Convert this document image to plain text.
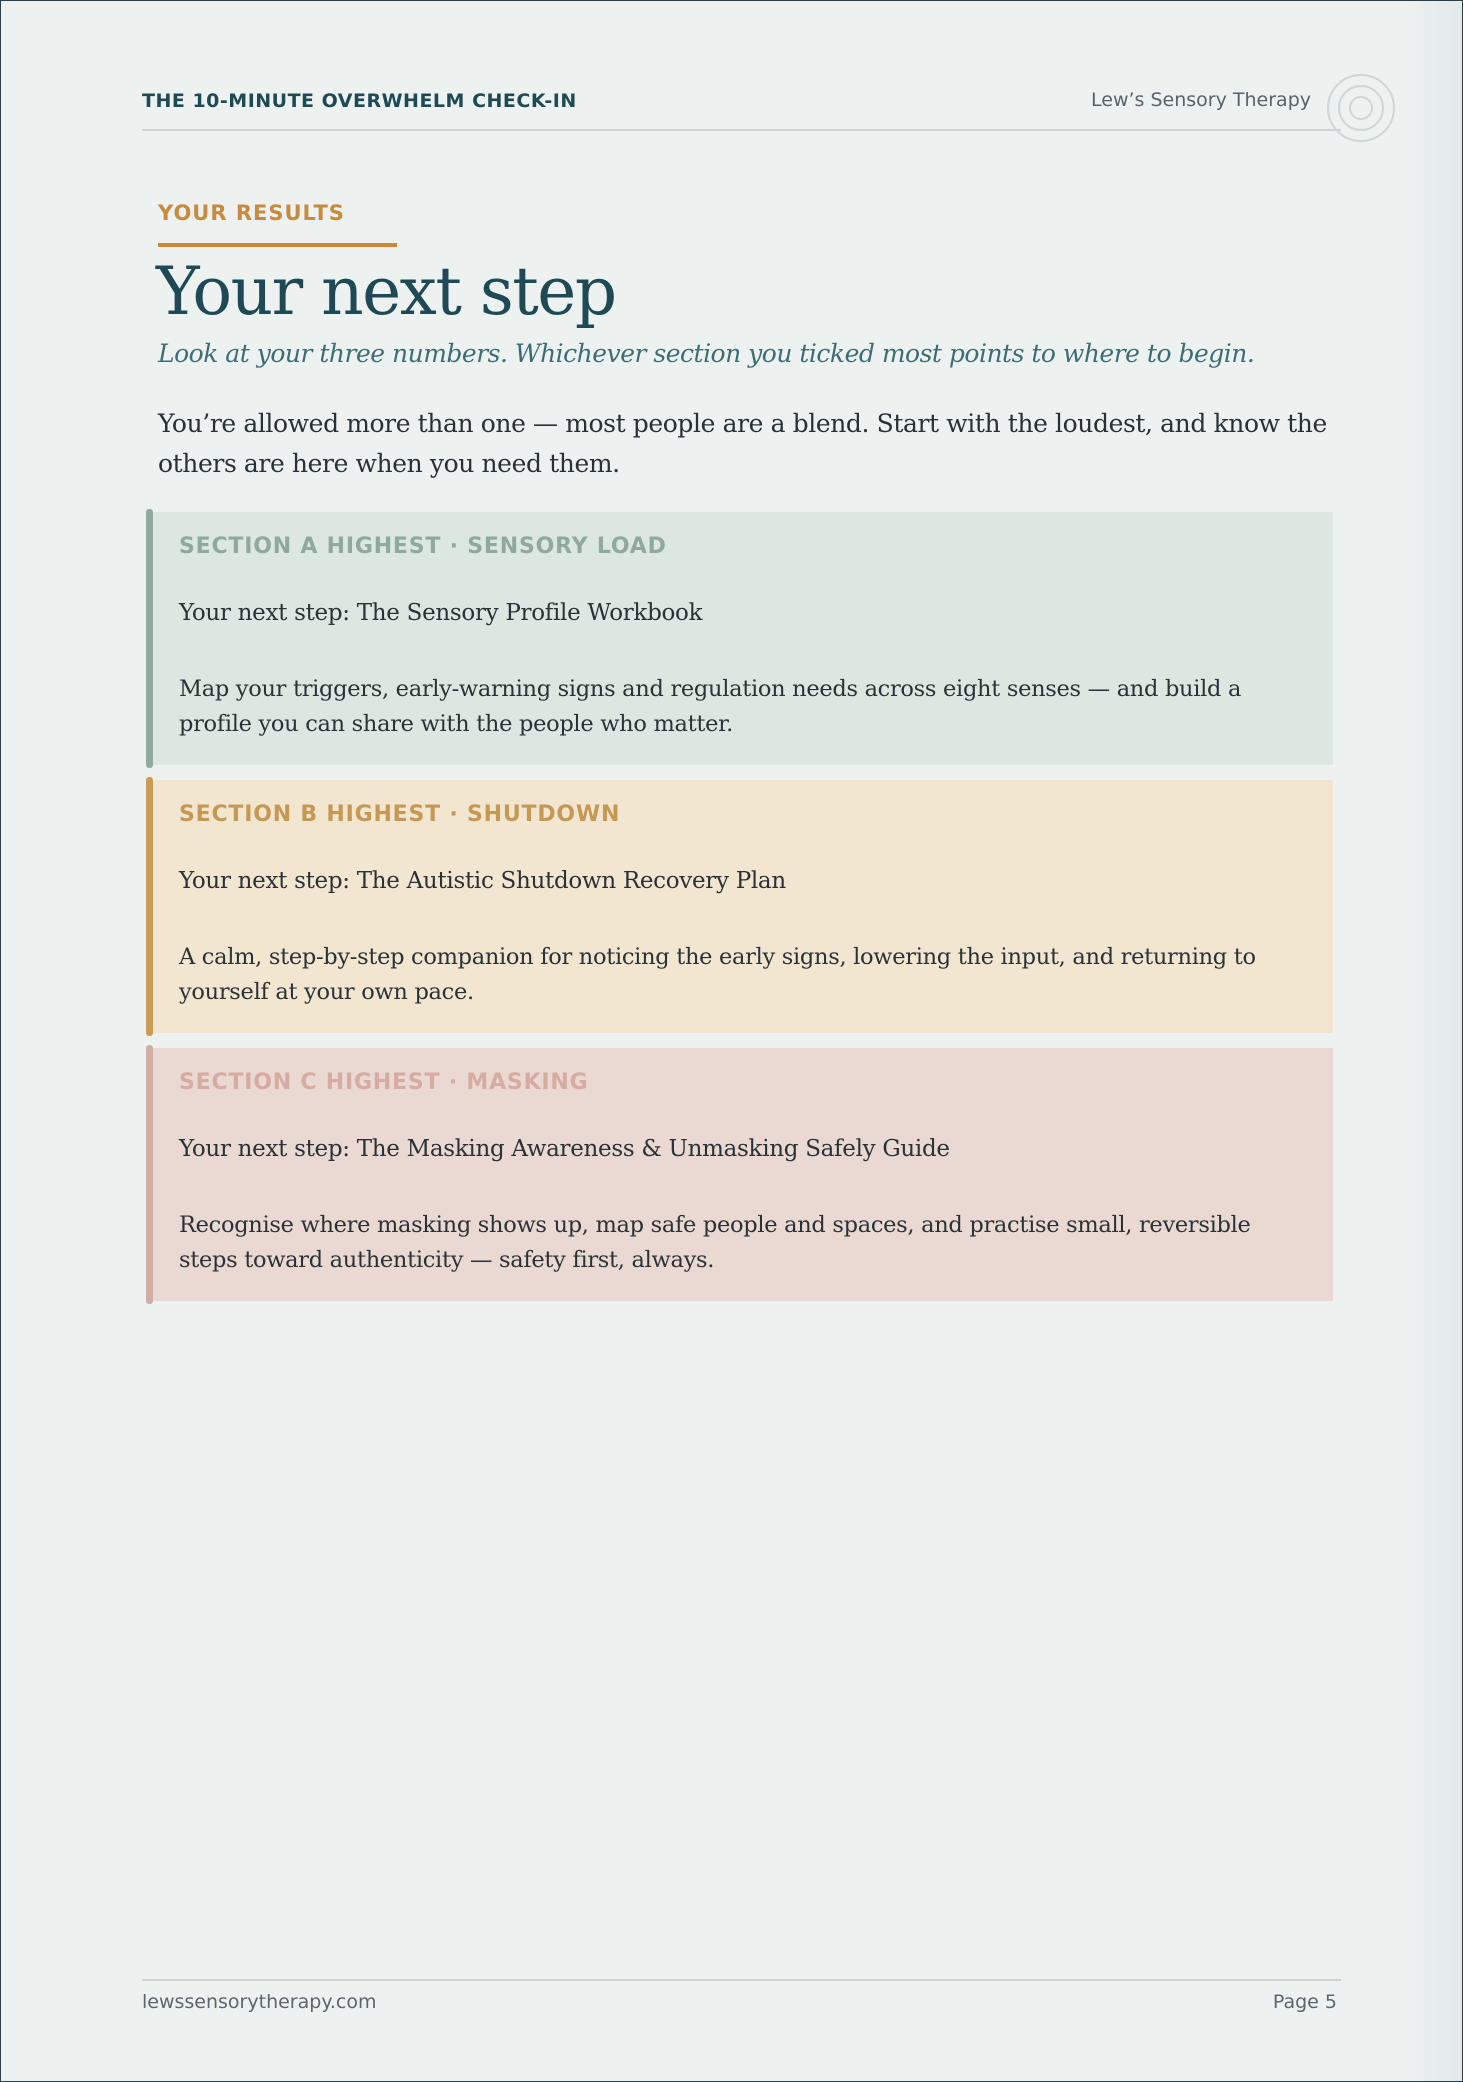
THE 10-MINUTE OVERWHELM CHECK-IN	Lew’s Sensory Therapy
YOUR RESULTS
Your next step
Look at your three numbers. Whichever section you ticked most points to where to begin.

You’re allowed more than one — most people are a blend. Start with the loudest, and know the others are here when you need them.

SECTION A HIGHEST · SENSORY LOAD
Your next step: The Sensory Profile Workbook

Map your triggers, early-warning signs and regulation needs across eight senses — and build a profile you can share with the people who matter.

SECTION B HIGHEST · SHUTDOWN
Your next step: The Autistic Shutdown Recovery Plan

A calm, step-by-step companion for noticing the early signs, lowering the input, and returning to yourself at your own pace.

SECTION C HIGHEST · MASKING
Your next step: The Masking Awareness & Unmasking Safely Guide

Recognise where masking shows up, map safe people and spaces, and practise small, reversible steps toward authenticity — safety first, always.

lewssensorytherapy.com	Page 5
